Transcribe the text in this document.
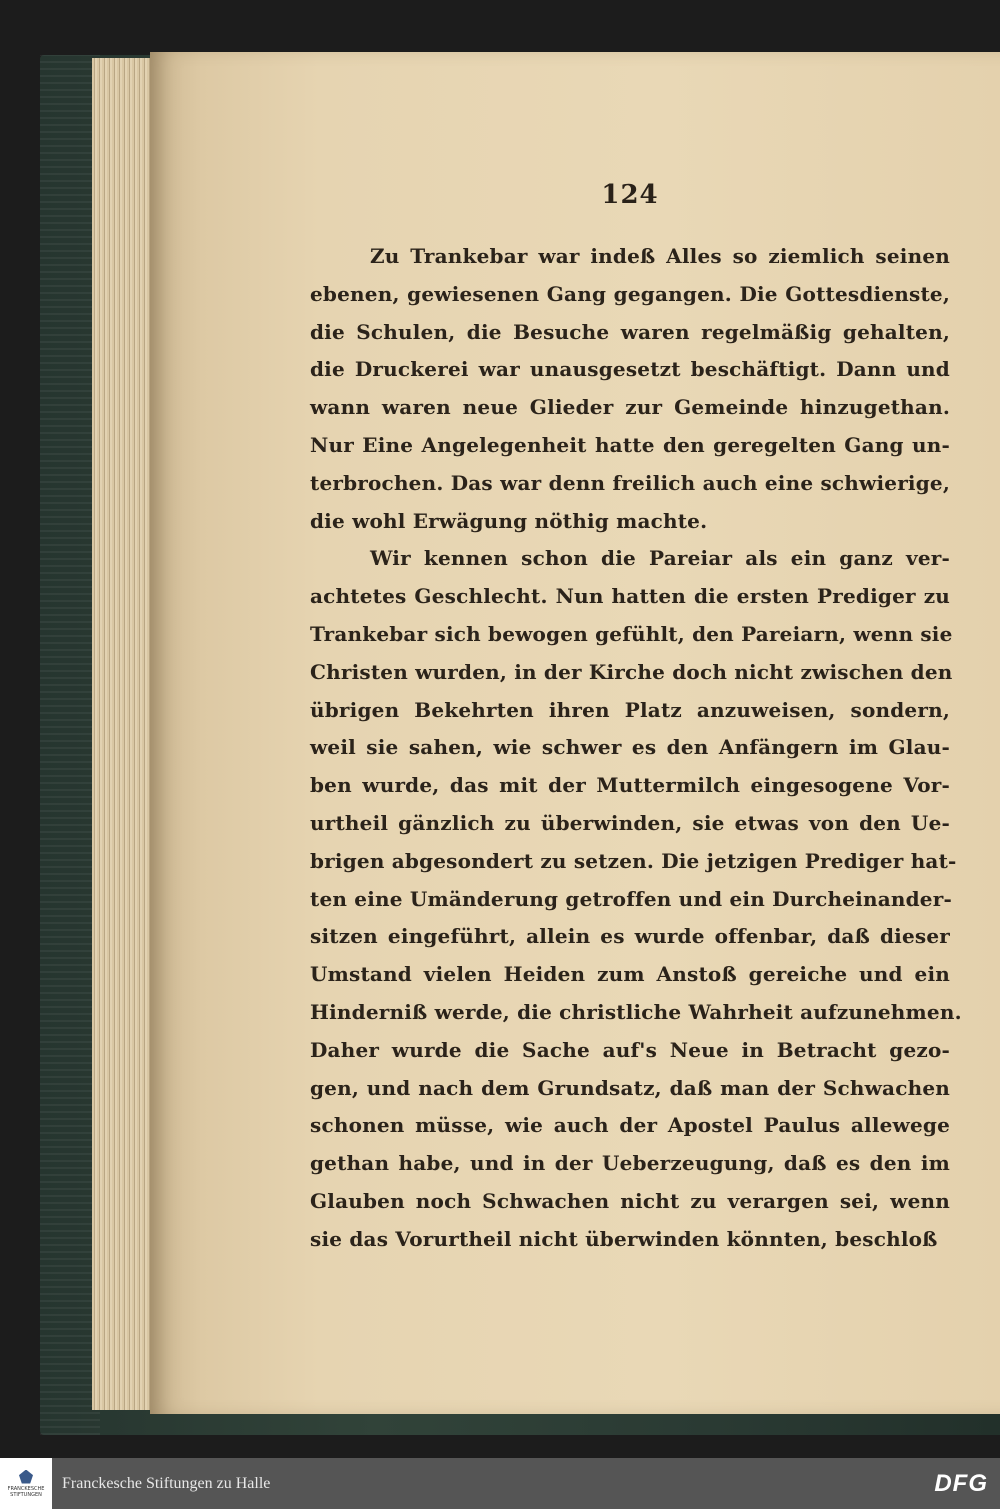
124
Zu Trankebar war indeß Alles so ziemlich seinen
ebenen, gewiesenen Gang gegangen. Die Gottesdienste,
die Schulen, die Besuche waren regelmäßig gehalten,
die Druckerei war unausgesetzt beschäftigt. Dann und
wann waren neue Glieder zur Gemeinde hinzugethan.
Nur Eine Angelegenheit hatte den geregelten Gang un-
terbrochen. Das war denn freilich auch eine schwierige,
die wohl Erwägung nöthig machte.
Wir kennen schon die Pareiar als ein ganz ver-
achtetes Geschlecht. Nun hatten die ersten Prediger zu
Trankebar sich bewogen gefühlt, den Pareiarn, wenn sie
Christen wurden, in der Kirche doch nicht zwischen den
übrigen Bekehrten ihren Platz anzuweisen, sondern,
weil sie sahen, wie schwer es den Anfängern im Glau-
ben wurde, das mit der Muttermilch eingesogene Vor-
urtheil gänzlich zu überwinden, sie etwas von den Ue-
brigen abgesondert zu setzen. Die jetzigen Prediger hat-
ten eine Umänderung getroffen und ein Durcheinander-
sitzen eingeführt, allein es wurde offenbar, daß dieser
Umstand vielen Heiden zum Anstoß gereiche und ein
Hinderniß werde, die christliche Wahrheit aufzunehmen.
Daher wurde die Sache auf's Neue in Betracht gezo-
gen, und nach dem Grundsatz, daß man der Schwachen
schonen müsse, wie auch der Apostel Paulus allewege
gethan habe, und in der Ueberzeugung, daß es den im
Glauben noch Schwachen nicht zu verargen sei, wenn
sie das Vorurtheil nicht überwinden könnten, beschloß
FRANCKESCHE STIFTUNGEN
Franckesche Stiftungen zu Halle	DFG
